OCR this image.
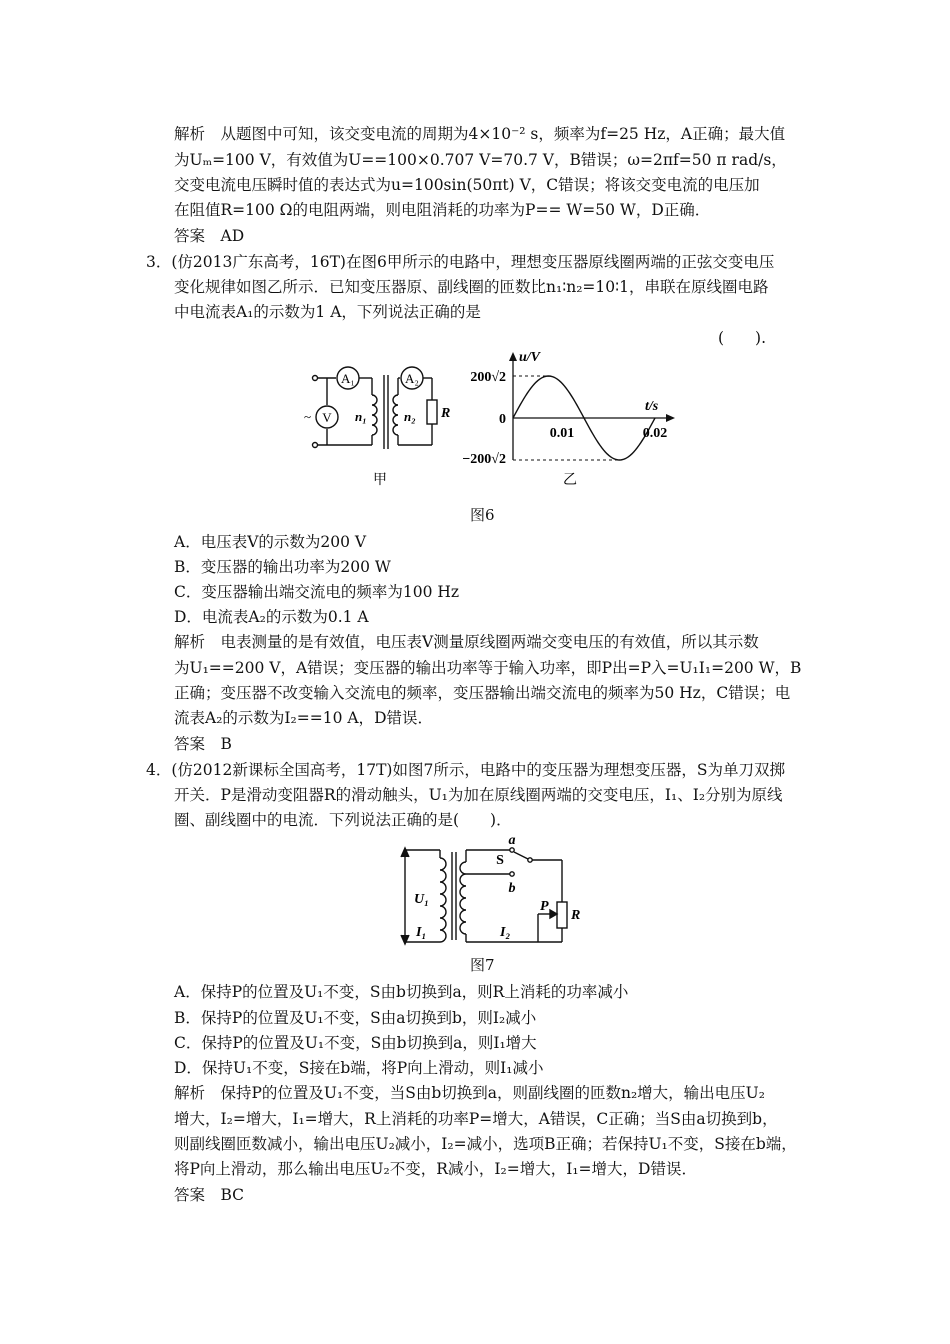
解析　从题图中可知，该交变电流的周期为4×10⁻² s，频率为f=25 Hz，A正确；最大值
为Uₘ=100 V，有效值为U==100×0.707 V=70.7 V，B错误；ω=2πf=50 π rad/s，
交变电流电压瞬时值的表达式为u=100sin(50πt) V，C错误；将该交变电流的电压加
在阻值R=100 Ω的电阻两端，则电阻消耗的功率为P== W=50 W，D正确．
答案　AD
3．(仿2013广东高考，16T)在图6甲所示的电路中，理想变压器原线圈两端的正弦交变电压
变化规律如图乙所示．已知变压器原、副线圈的匝数比n₁∶n₂=10∶1，串联在原线圈电路
中电流表A₁的示数为1 A，下列说法正确的是
(　　).
A₁	A₂
V
~	n₁	n₂ R
甲
u/V
t/s
200√2
0
−200√2
0.01	0.02
乙
图6
A．电压表V的示数为200 V
B．变压器的输出功率为200 W
C．变压器输出端交流电的频率为100 Hz
D．电流表A₂的示数为0.1 A
解析　电表测量的是有效值，电压表V测量原线圈两端交变电压的有效值，所以其示数
为U₁==200 V，A错误；变压器的输出功率等于输入功率，即P出=P入=U₁I₁=200 W，B
正确；变压器不改变输入交流电的频率，变压器输出端交流电的频率为50 Hz，C错误；电
流表A₂的示数为I₂==10 A，D错误．
答案　B
4．(仿2012新课标全国高考，17T)如图7所示，电路中的变压器为理想变压器，S为单刀双掷
开关．P是滑动变阻器R的滑动触头，U₁为加在原线圈两端的交变电压，I₁、I₂分别为原线
圈、副线圈中的电流．下列说法正确的是(　　)．
a
S
b
U₁
I₁	I₂
P
R
图7
A．保持P的位置及U₁不变，S由b切换到a，则R上消耗的功率减小
B．保持P的位置及U₁不变，S由a切换到b，则I₂减小
C．保持P的位置及U₁不变，S由b切换到a，则I₁增大
D．保持U₁不变，S接在b端，将P向上滑动，则I₁减小
解析　保持P的位置及U₁不变，当S由b切换到a，则副线圈的匝数n₂增大，输出电压U₂
增大，I₂=增大，I₁=增大，R上消耗的功率P=增大，A错误，C正确；当S由a切换到b，
则副线圈匝数减小，输出电压U₂减小，I₂=减小，选项B正确；若保持U₁不变，S接在b端，
将P向上滑动，那么输出电压U₂不变，R减小，I₂=增大，I₁=增大，D错误．
答案　BC
